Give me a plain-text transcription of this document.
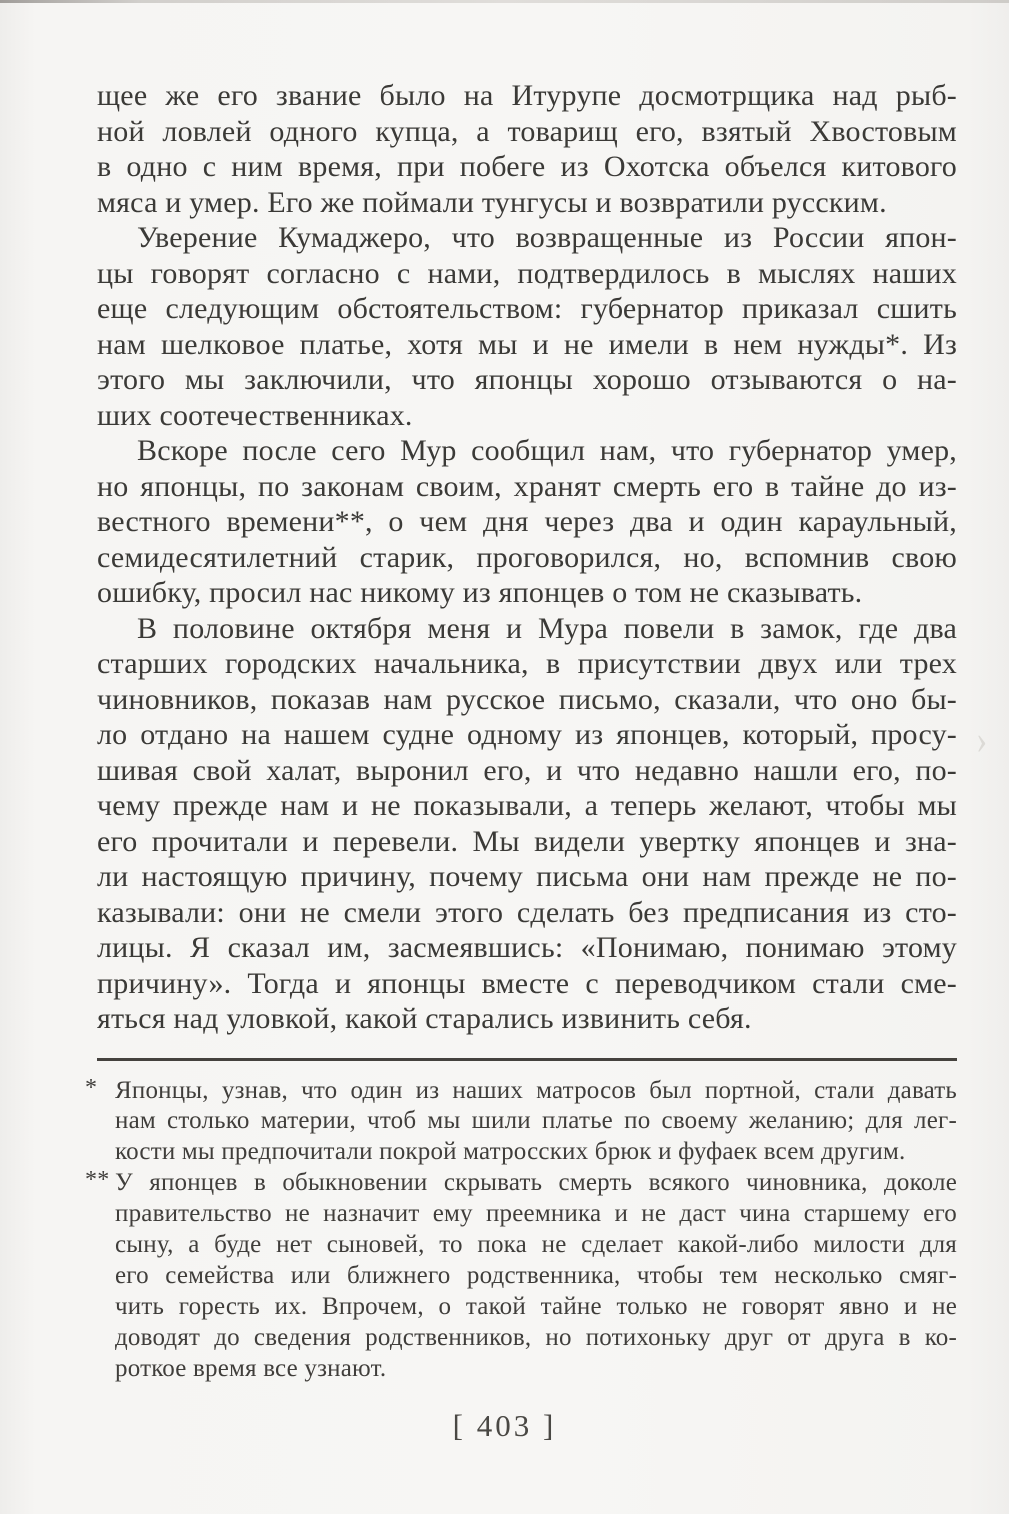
щее же его звание было на Итурупе досмотрщика над рыб-
ной ловлей одного купца, а товарищ его, взятый Хвостовым
в одно с ним время, при побеге из Охотска объелся китового
мяса и умер. Его же поймали тунгусы и возвратили русским.
Уверение Кумаджеро, что возвращенные из России япон-
цы говорят согласно с нами, подтвердилось в мыслях наших
еще следующим обстоятельством: губернатор приказал сшить
нам шелковое платье, хотя мы и не имели в нем нужды*. Из
этого мы заключили, что японцы хорошо отзываются о на-
ших соотечественниках.
Вскоре после сего Мур сообщил нам, что губернатор умер,
но японцы, по законам своим, хранят смерть его в тайне до из-
вестного времени**, о чем дня через два и один караульный,
семидесятилетний старик, проговорился, но, вспомнив свою
ошибку, просил нас никому из японцев о том не сказывать.
В половине октября меня и Мура повели в замок, где два
старших городских начальника, в присутствии двух или трех
чиновников, показав нам русское письмо, сказали, что оно бы-
ло отдано на нашем судне одному из японцев, который, просу-
шивая свой халат, выронил его, и что недавно нашли его, по-
чему прежде нам и не показывали, а теперь желают, чтобы мы
его прочитали и перевели. Мы видели увертку японцев и зна-
ли настоящую причину, почему письма они нам прежде не по-
казывали: они не смели этого сделать без предписания из сто-
лицы. Я сказал им, засмеявшись: «Понимаю, понимаю этому
причину». Тогда и японцы вместе с переводчиком стали сме-
яться над уловкой, какой старались извинить себя.
* Японцы, узнав, что один из наших матросов был портной, стали давать
нам столько материи, чтоб мы шили платье по своему желанию; для лег-
кости мы предпочитали покрой матросских брюк и фуфаек всем другим.
** У японцев в обыкновении скрывать смерть всякого чиновника, доколе
правительство не назначит ему преемника и не даст чина старшему его
сыну, а буде нет сыновей, то пока не сделает какой-либо милости для
его семейства или ближнего родственника, чтобы тем несколько смяг-
чить горесть их. Впрочем, о такой тайне только не говорят явно и не
доводят до сведения родственников, но потихоньку друг от друга в ко-
роткое время все узнают.
›
[ 403 ]
